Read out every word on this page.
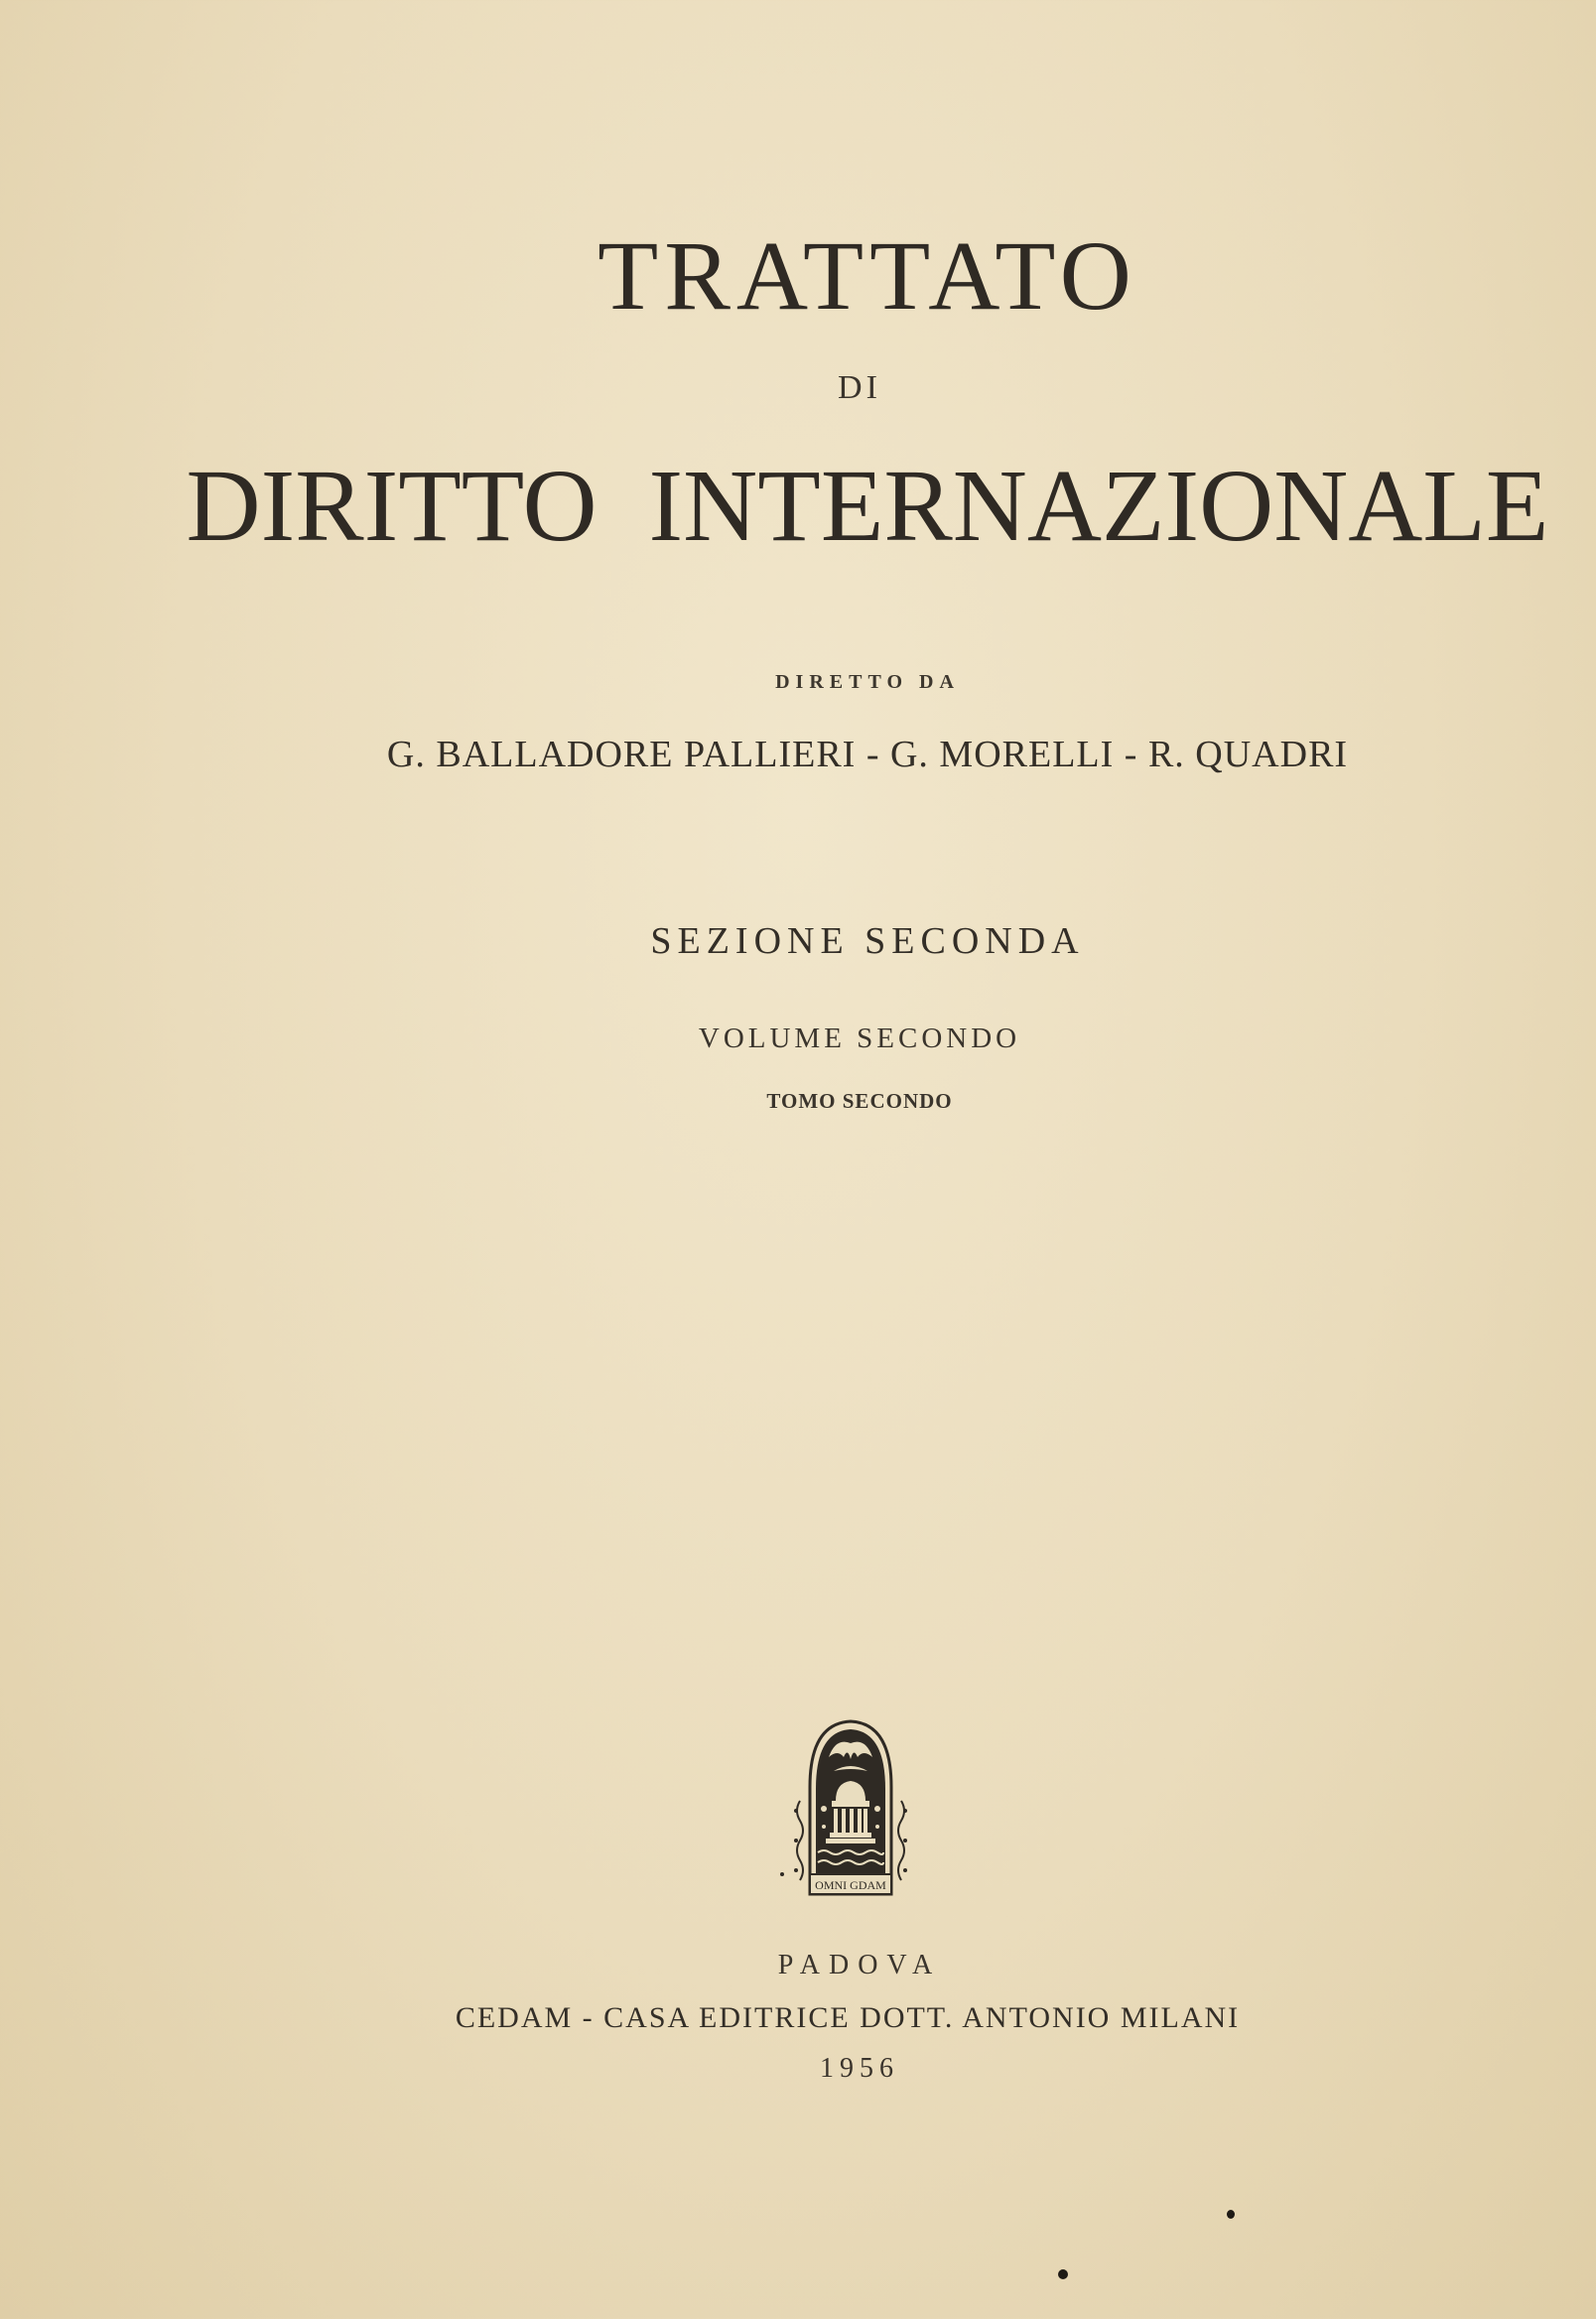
TRATTATO
DI
DIRITTO  INTERNAZIONALE
DIRETTO DA
G. BALLADORE PALLIERI - G. MORELLI - R. QUADRI
SEZIONE SECONDA
VOLUME SECONDO
TOMO SECONDO
OMNI GDAM
PADOVA
CEDAM - CASA EDITRICE DOTT. ANTONIO MILANI
1956
